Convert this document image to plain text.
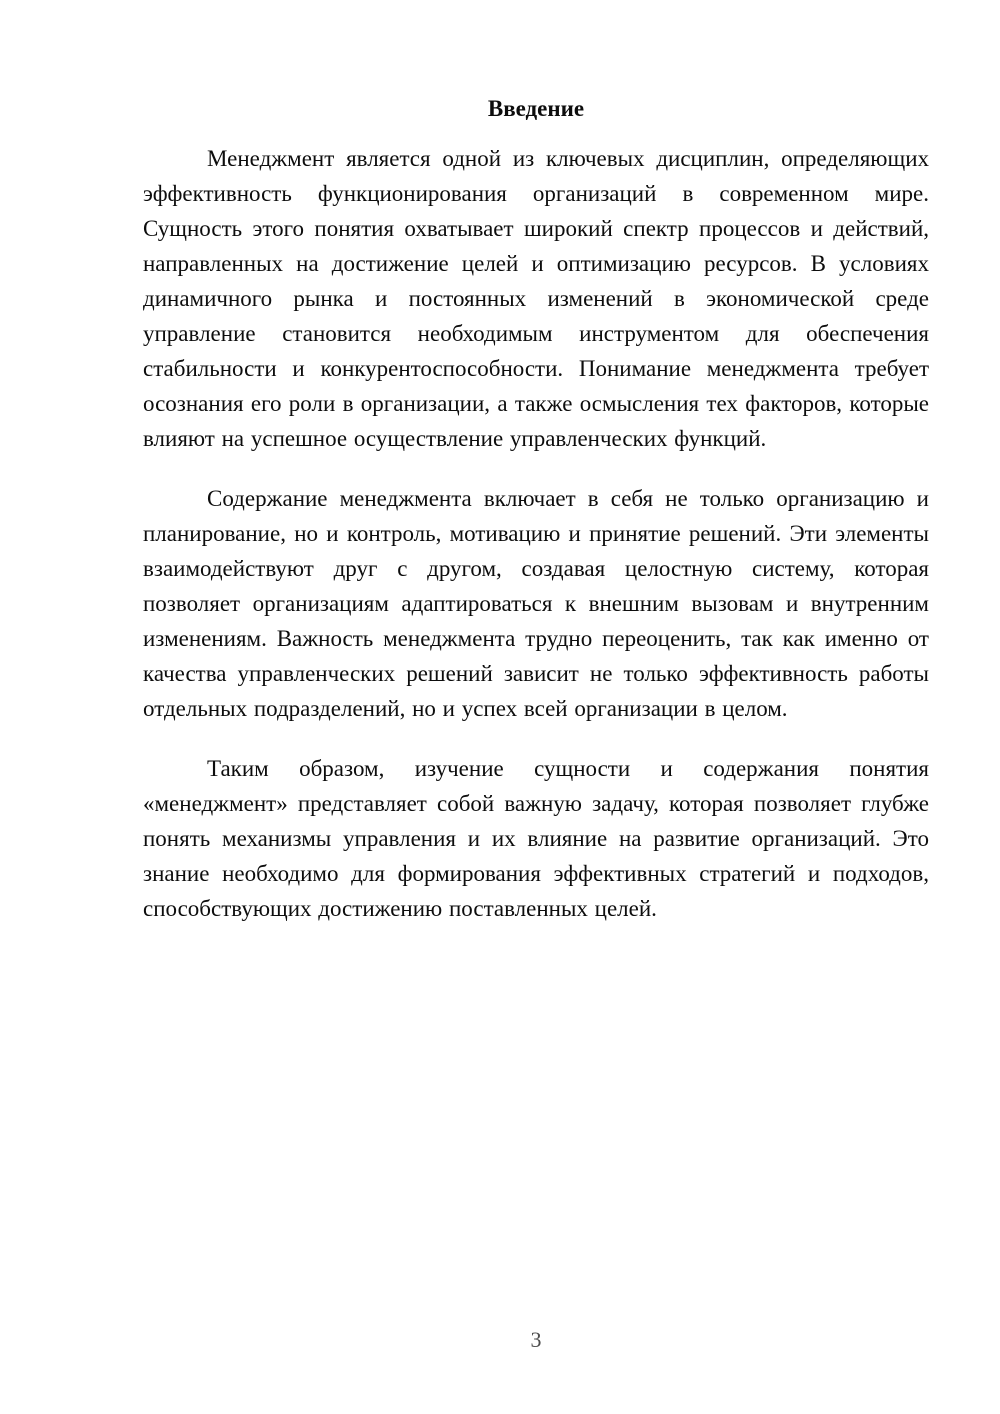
Введение

Менеджмент является одной из ключевых дисциплин, определяющих эффективность функционирования организаций в современном мире. Сущность этого понятия охватывает широкий спектр процессов и действий, направленных на достижение целей и оптимизацию ресурсов. В условиях динамичного рынка и постоянных изменений в экономической среде управление становится необходимым инструментом для обеспечения стабильности и конкурентоспособности. Понимание менеджмента требует осознания его роли в организации, а также осмысления тех факторов, которые влияют на успешное осуществление управленческих функций.

Содержание менеджмента включает в себя не только организацию и планирование, но и контроль, мотивацию и принятие решений. Эти элементы взаимодействуют друг с другом, создавая целостную систему, которая позволяет организациям адаптироваться к внешним вызовам и внутренним изменениям. Важность менеджмента трудно переоценить, так как именно от качества управленческих решений зависит не только эффективность работы отдельных подразделений, но и успех всей организации в целом.

Таким образом, изучение сущности и содержания понятия «менеджмент» представляет собой важную задачу, которая позволяет глубже понять механизмы управления и их влияние на развитие организаций. Это знание необходимо для формирования эффективных стратегий и подходов, способствующих достижению поставленных целей.

3
